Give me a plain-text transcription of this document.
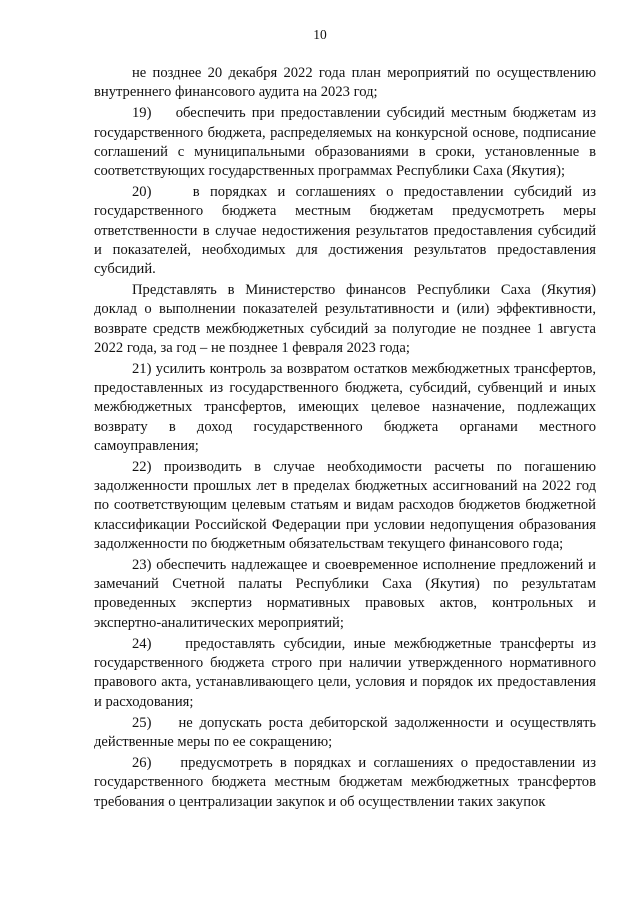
10

не позднее 20 декабря 2022 года план мероприятий по осуществлению внутреннего финансового аудита на 2023 год;

19)    обеспечить при предоставлении субсидий местным бюджетам из государственного бюджета, распределяемых на конкурсной основе, подписание соглашений с муниципальными образованиями в сроки, установленные в соответствующих государственных программах Республики Саха (Якутия);

20)    в порядках и соглашениях о предоставлении субсидий из государственного бюджета местным бюджетам предусмотреть меры ответственности в случае недостижения результатов предоставления субсидий и показателей, необходимых для достижения результатов предоставления субсидий.

Представлять в Министерство финансов Республики Саха (Якутия) доклад о выполнении показателей результативности и (или) эффективности, возврате средств межбюджетных субсидий за полугодие не позднее 1 августа 2022 года, за год – не позднее 1 февраля 2023 года;

21) усилить контроль за возвратом остатков межбюджетных трансфертов, предоставленных из государственного бюджета, субсидий, субвенций и иных межбюджетных трансфертов, имеющих целевое назначение, подлежащих возврату в доход государственного бюджета органами местного самоуправления;

22) производить в случае необходимости расчеты по погашению задолженности прошлых лет в пределах бюджетных ассигнований на 2022 год по соответствующим целевым статьям и видам расходов бюджетов бюджетной классификации Российской Федерации при условии недопущения образования задолженности по бюджетным обязательствам текущего финансового года;

23) обеспечить надлежащее и своевременное исполнение предложений и замечаний Счетной палаты Республики Саха (Якутия) по результатам проведенных экспертиз нормативных правовых актов, контрольных и экспертно-аналитических мероприятий;

24)    предоставлять субсидии, иные межбюджетные трансферты из государственного бюджета строго при наличии утвержденного нормативного правового акта, устанавливающего цели, условия и порядок их предоставления и расходования;

25)    не допускать роста дебиторской задолженности и осуществлять действенные меры по ее сокращению;

26)    предусмотреть в порядках и соглашениях о предоставлении из государственного бюджета местным бюджетам межбюджетных трансфертов требования о централизации закупок и об осуществлении таких закупок
